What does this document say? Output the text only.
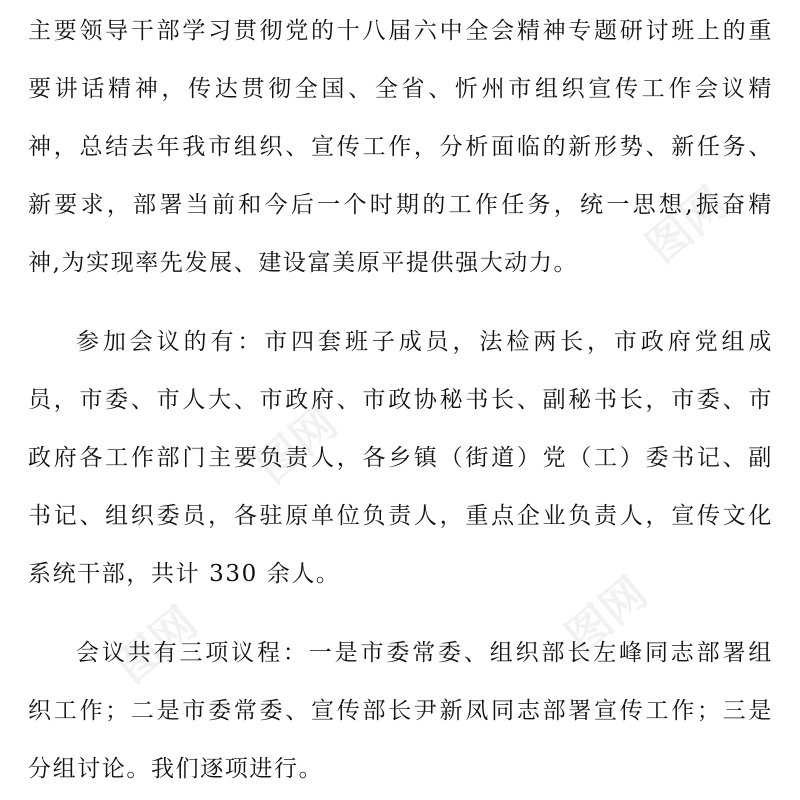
图网
图网
图网	图网
主要领导干部学习贯彻党的十八届六中全会精神专题研讨班上的重
要讲话精神，传达贯彻全国、全省、忻州市组织宣传工作会议精
神，总结去年我市组织、宣传工作，分析面临的新形势、新任务、
新要求，部署当前和今后一个时期的工作任务，统一思想,振奋精
神,为实现率先发展、建设富美原平提供强大动力。
参加会议的有：市四套班子成员，法检两长，市政府党组成
员，市委、市人大、市政府、市政协秘书长、副秘书长，市委、市
政府各工作部门主要负责人，各乡镇（街道）党（工）委书记、副
书记、组织委员，各驻原单位负责人，重点企业负责人，宣传文化
系统干部，共计 330 余人。
会议共有三项议程：一是市委常委、组织部长左峰同志部署组
织工作；二是市委常委、宣传部长尹新凤同志部署宣传工作；三是
分组讨论。我们逐项进行。
